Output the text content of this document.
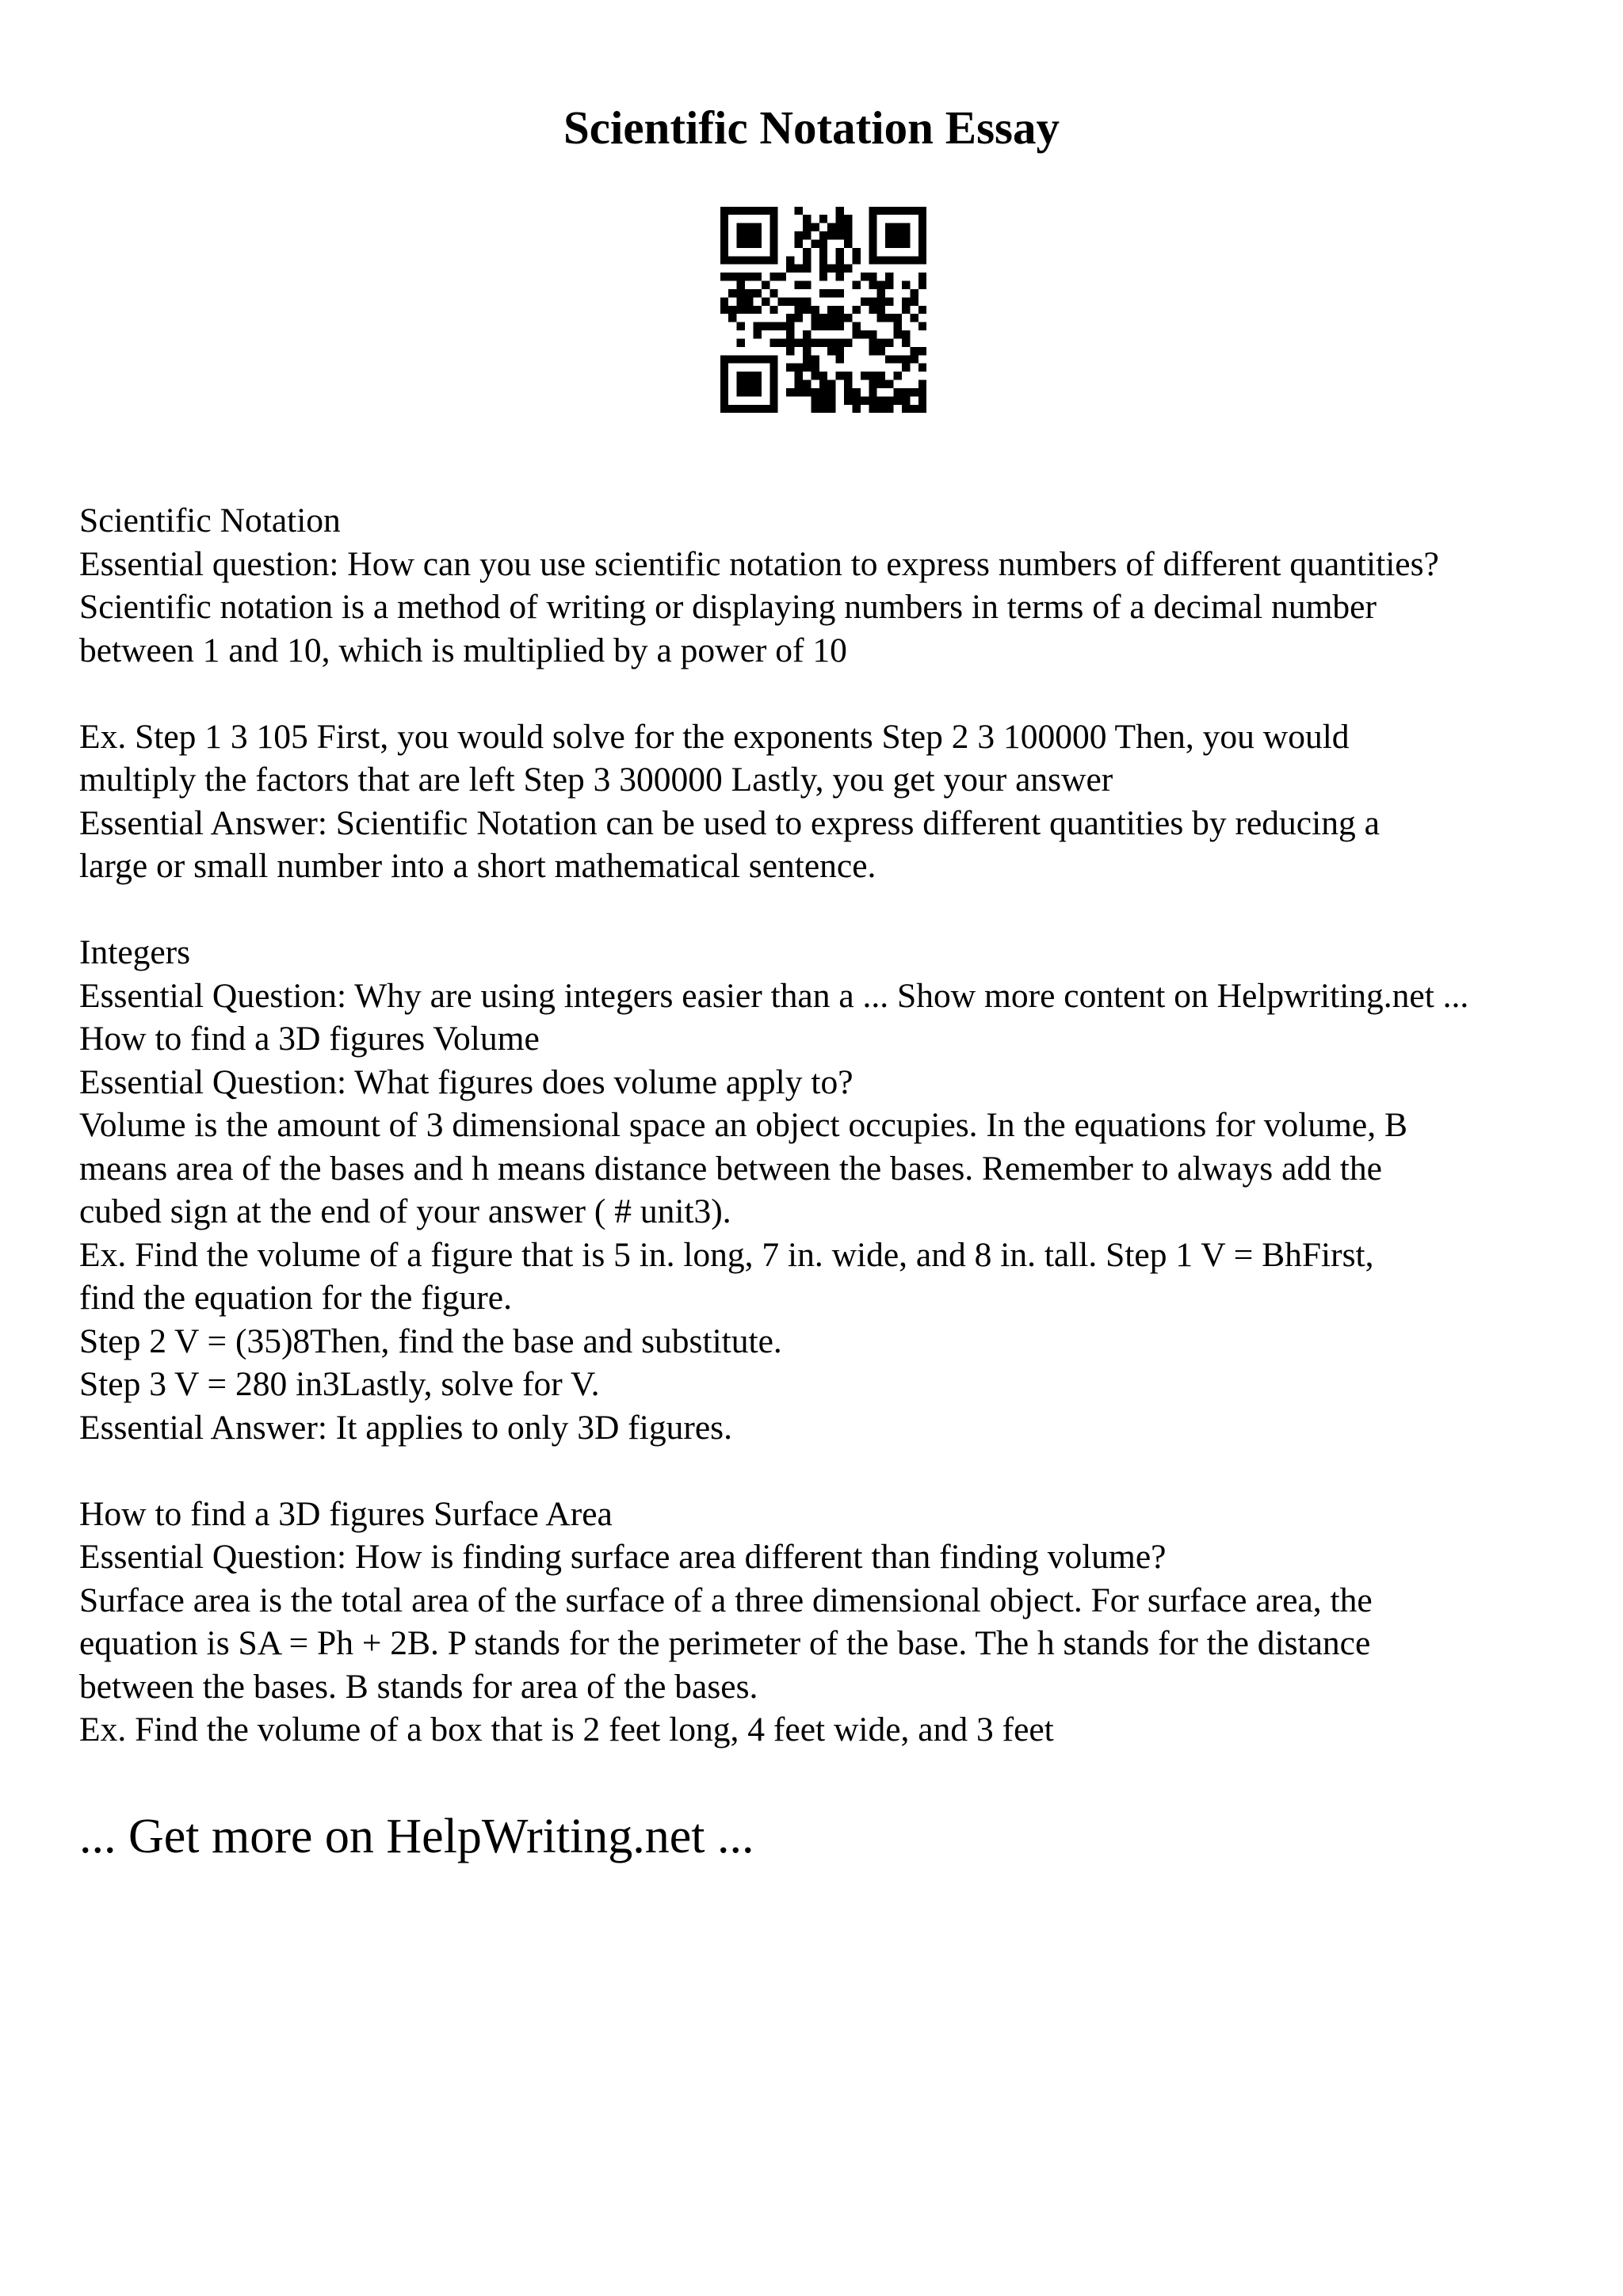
Scientific Notation Essay
Scientific Notation
Essential question: How can you use scientific notation to express numbers of different quantities?
Scientific notation is a method of writing or displaying numbers in terms of a decimal number
between 1 and 10, which is multiplied by a power of 10
Ex. Step 1 3 105 First, you would solve for the exponents Step 2 3 100000 Then, you would
multiply the factors that are left Step 3 300000 Lastly, you get your answer
Essential Answer: Scientific Notation can be used to express different quantities by reducing a
large or small number into a short mathematical sentence.
Integers
Essential Question: Why are using integers easier than a ... Show more content on Helpwriting.net ...
How to find a 3D figures Volume
Essential Question: What figures does volume apply to?
Volume is the amount of 3 dimensional space an object occupies. In the equations for volume, B
means area of the bases and h means distance between the bases. Remember to always add the
cubed sign at the end of your answer ( # unit3).
Ex. Find the volume of a figure that is 5 in. long, 7 in. wide, and 8 in. tall. Step 1 V = BhFirst,
find the equation for the figure.
Step 2 V = (35)8Then, find the base and substitute.
Step 3 V = 280 in3Lastly, solve for V.
Essential Answer: It applies to only 3D figures.
How to find a 3D figures Surface Area
Essential Question: How is finding surface area different than finding volume?
Surface area is the total area of the surface of a three dimensional object. For surface area, the
equation is SA = Ph + 2B. P stands for the perimeter of the base. The h stands for the distance
between the bases. B stands for area of the bases.
Ex. Find the volume of a box that is 2 feet long, 4 feet wide, and 3 feet
... Get more on HelpWriting.net ...
